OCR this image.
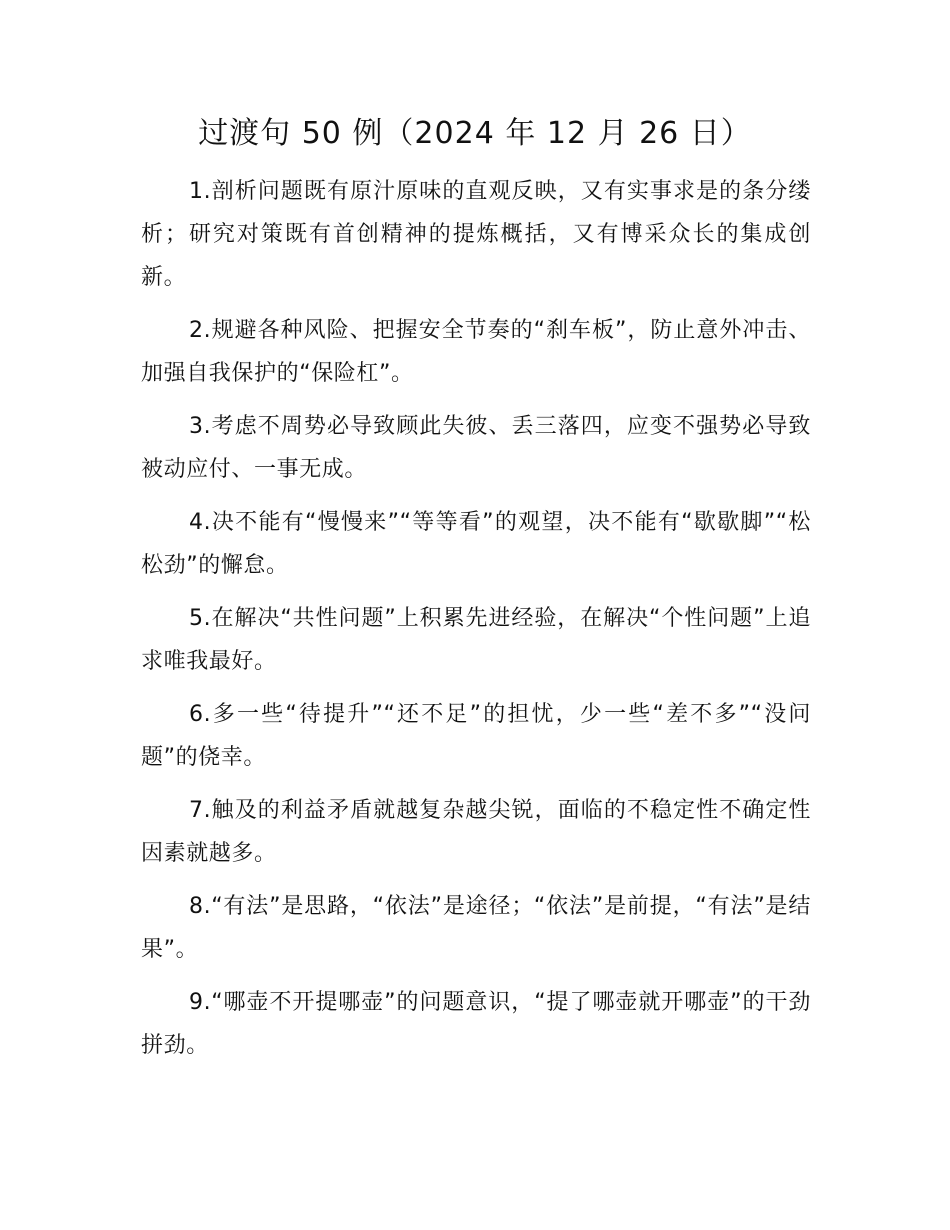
过渡句 50 例（2024 年 12 月 26 日）

1.剖析问题既有原汁原味的直观反映，又有实事求是的条分缕析；研究对策既有首创精神的提炼概括，又有博采众长的集成创新。

2.规避各种风险、把握安全节奏的“刹车板”，防止意外冲击、加强自我保护的“保险杠”。

3.考虑不周势必导致顾此失彼、丢三落四，应变不强势必导致被动应付、一事无成。

4.决不能有“慢慢来”“等等看”的观望，决不能有“歇歇脚”“松松劲”的懈怠。

5.在解决“共性问题”上积累先进经验，在解决“个性问题”上追求唯我最好。

6.多一些“待提升”“还不足”的担忧，少一些“差不多”“没问题”的侥幸。

7.触及的利益矛盾就越复杂越尖锐，面临的不稳定性不确定性因素就越多。

8.“有法”是思路，“依法”是途径；“依法”是前提，“有法”是结果”。

9.“哪壶不开提哪壶”的问题意识，“提了哪壶就开哪壶”的干劲拼劲。
